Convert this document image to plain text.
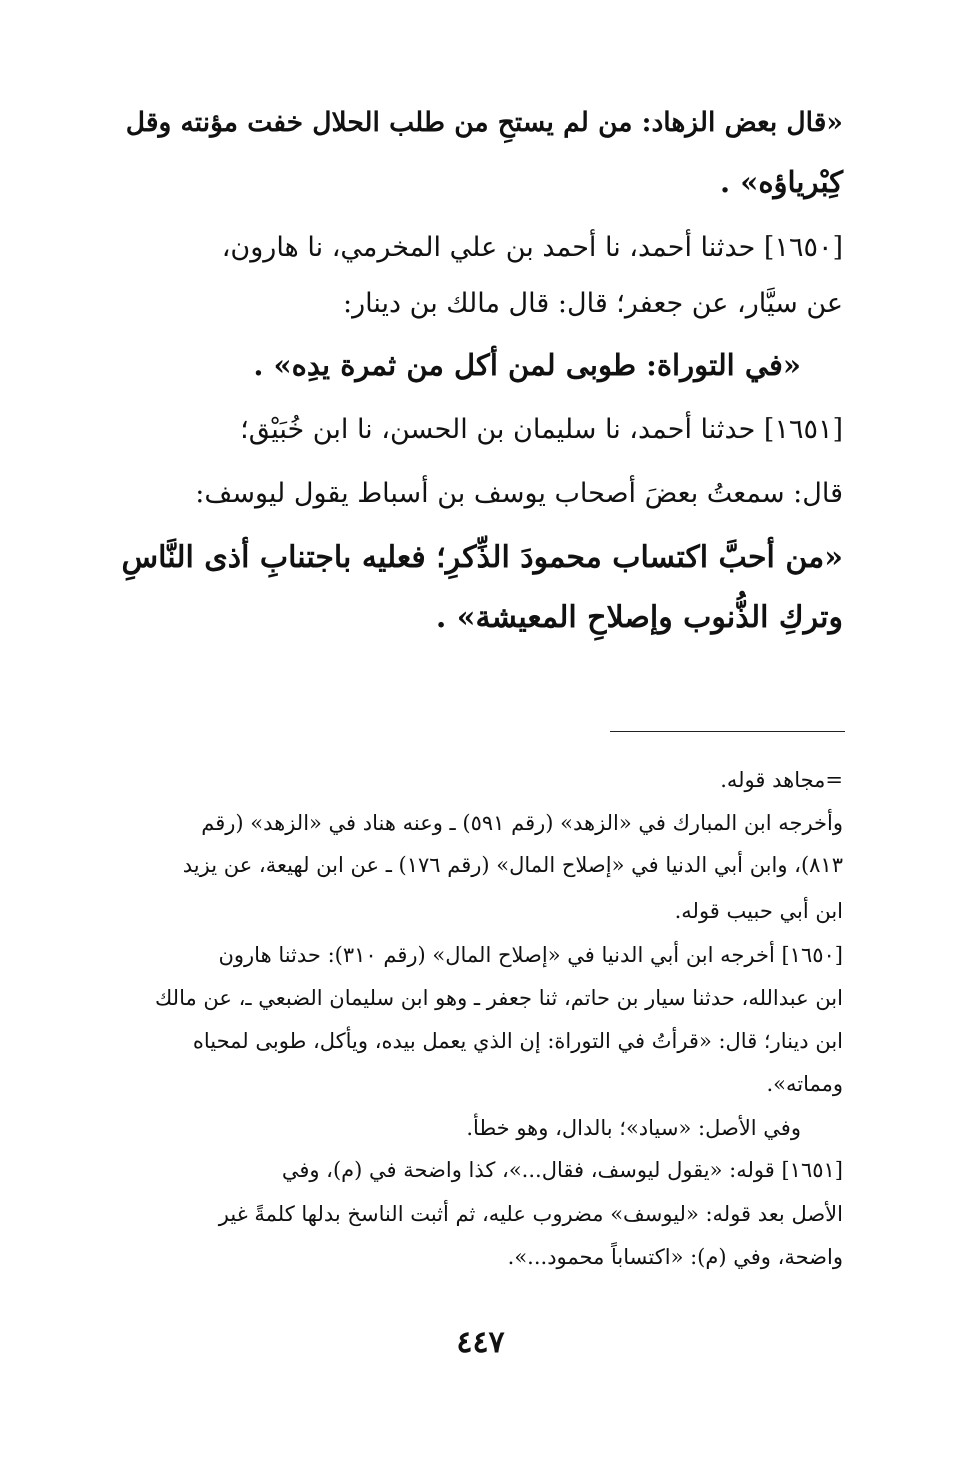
«قال بعض الزهاد: من لم يستحِ من طلب الحلال خفت مؤنته وقل
كِبْرياؤه» .
[١٦٥٠] حدثنا أحمد، نا أحمد بن علي المخرمي، نا هارون،
عن سيَّار، عن جعفر؛ قال: قال مالك بن دينار:
«في التوراة: طوبى لمن أكل من ثمرة يدِه» .
[١٦٥١] حدثنا أحمد، نا سليمان بن الحسن، نا ابن خُبَيْق؛
قال: سمعتُ بعضَ أصحاب يوسف بن أسباط يقول ليوسف:
«من أحبَّ اكتساب محمودَ الذِّكرِ؛ فعليه باجتنابِ أذى النَّاسِ
وتركِ الذُّنوب وإصلاحِ المعيشة» .
=مجاهد قوله.
وأخرجه ابن المبارك في «الزهد» (رقم ٥٩١) ـ وعنه هناد في «الزهد» (رقم
٨١٣)، وابن أبي الدنيا في «إصلاح المال» (رقم ١٧٦) ـ عن ابن لهيعة، عن يزيد
ابن أبي حبيب قوله.
[١٦٥٠] أخرجه ابن أبي الدنيا في «إصلاح المال» (رقم ٣١٠): حدثنا هارون
ابن عبدالله، حدثنا سيار بن حاتم، ثنا جعفر ـ وهو ابن سليمان الضبعي ـ، عن مالك
ابن دينار؛ قال: «قرأتُ في التوراة: إن الذي يعمل بيده، ويأكل، طوبى لمحياه
ومماته».
وفي الأصل: «سياد»؛ بالدال، وهو خطأ.
[١٦٥١] قوله: «يقول ليوسف، فقال...»، كذا واضحة في (م)، وفي
الأصل بعد قوله: «ليوسف» مضروب عليه، ثم أثبت الناسخ بدلها كلمةً غير
واضحة، وفي (م): «اكتساباً محمود...».
٤٤٧
